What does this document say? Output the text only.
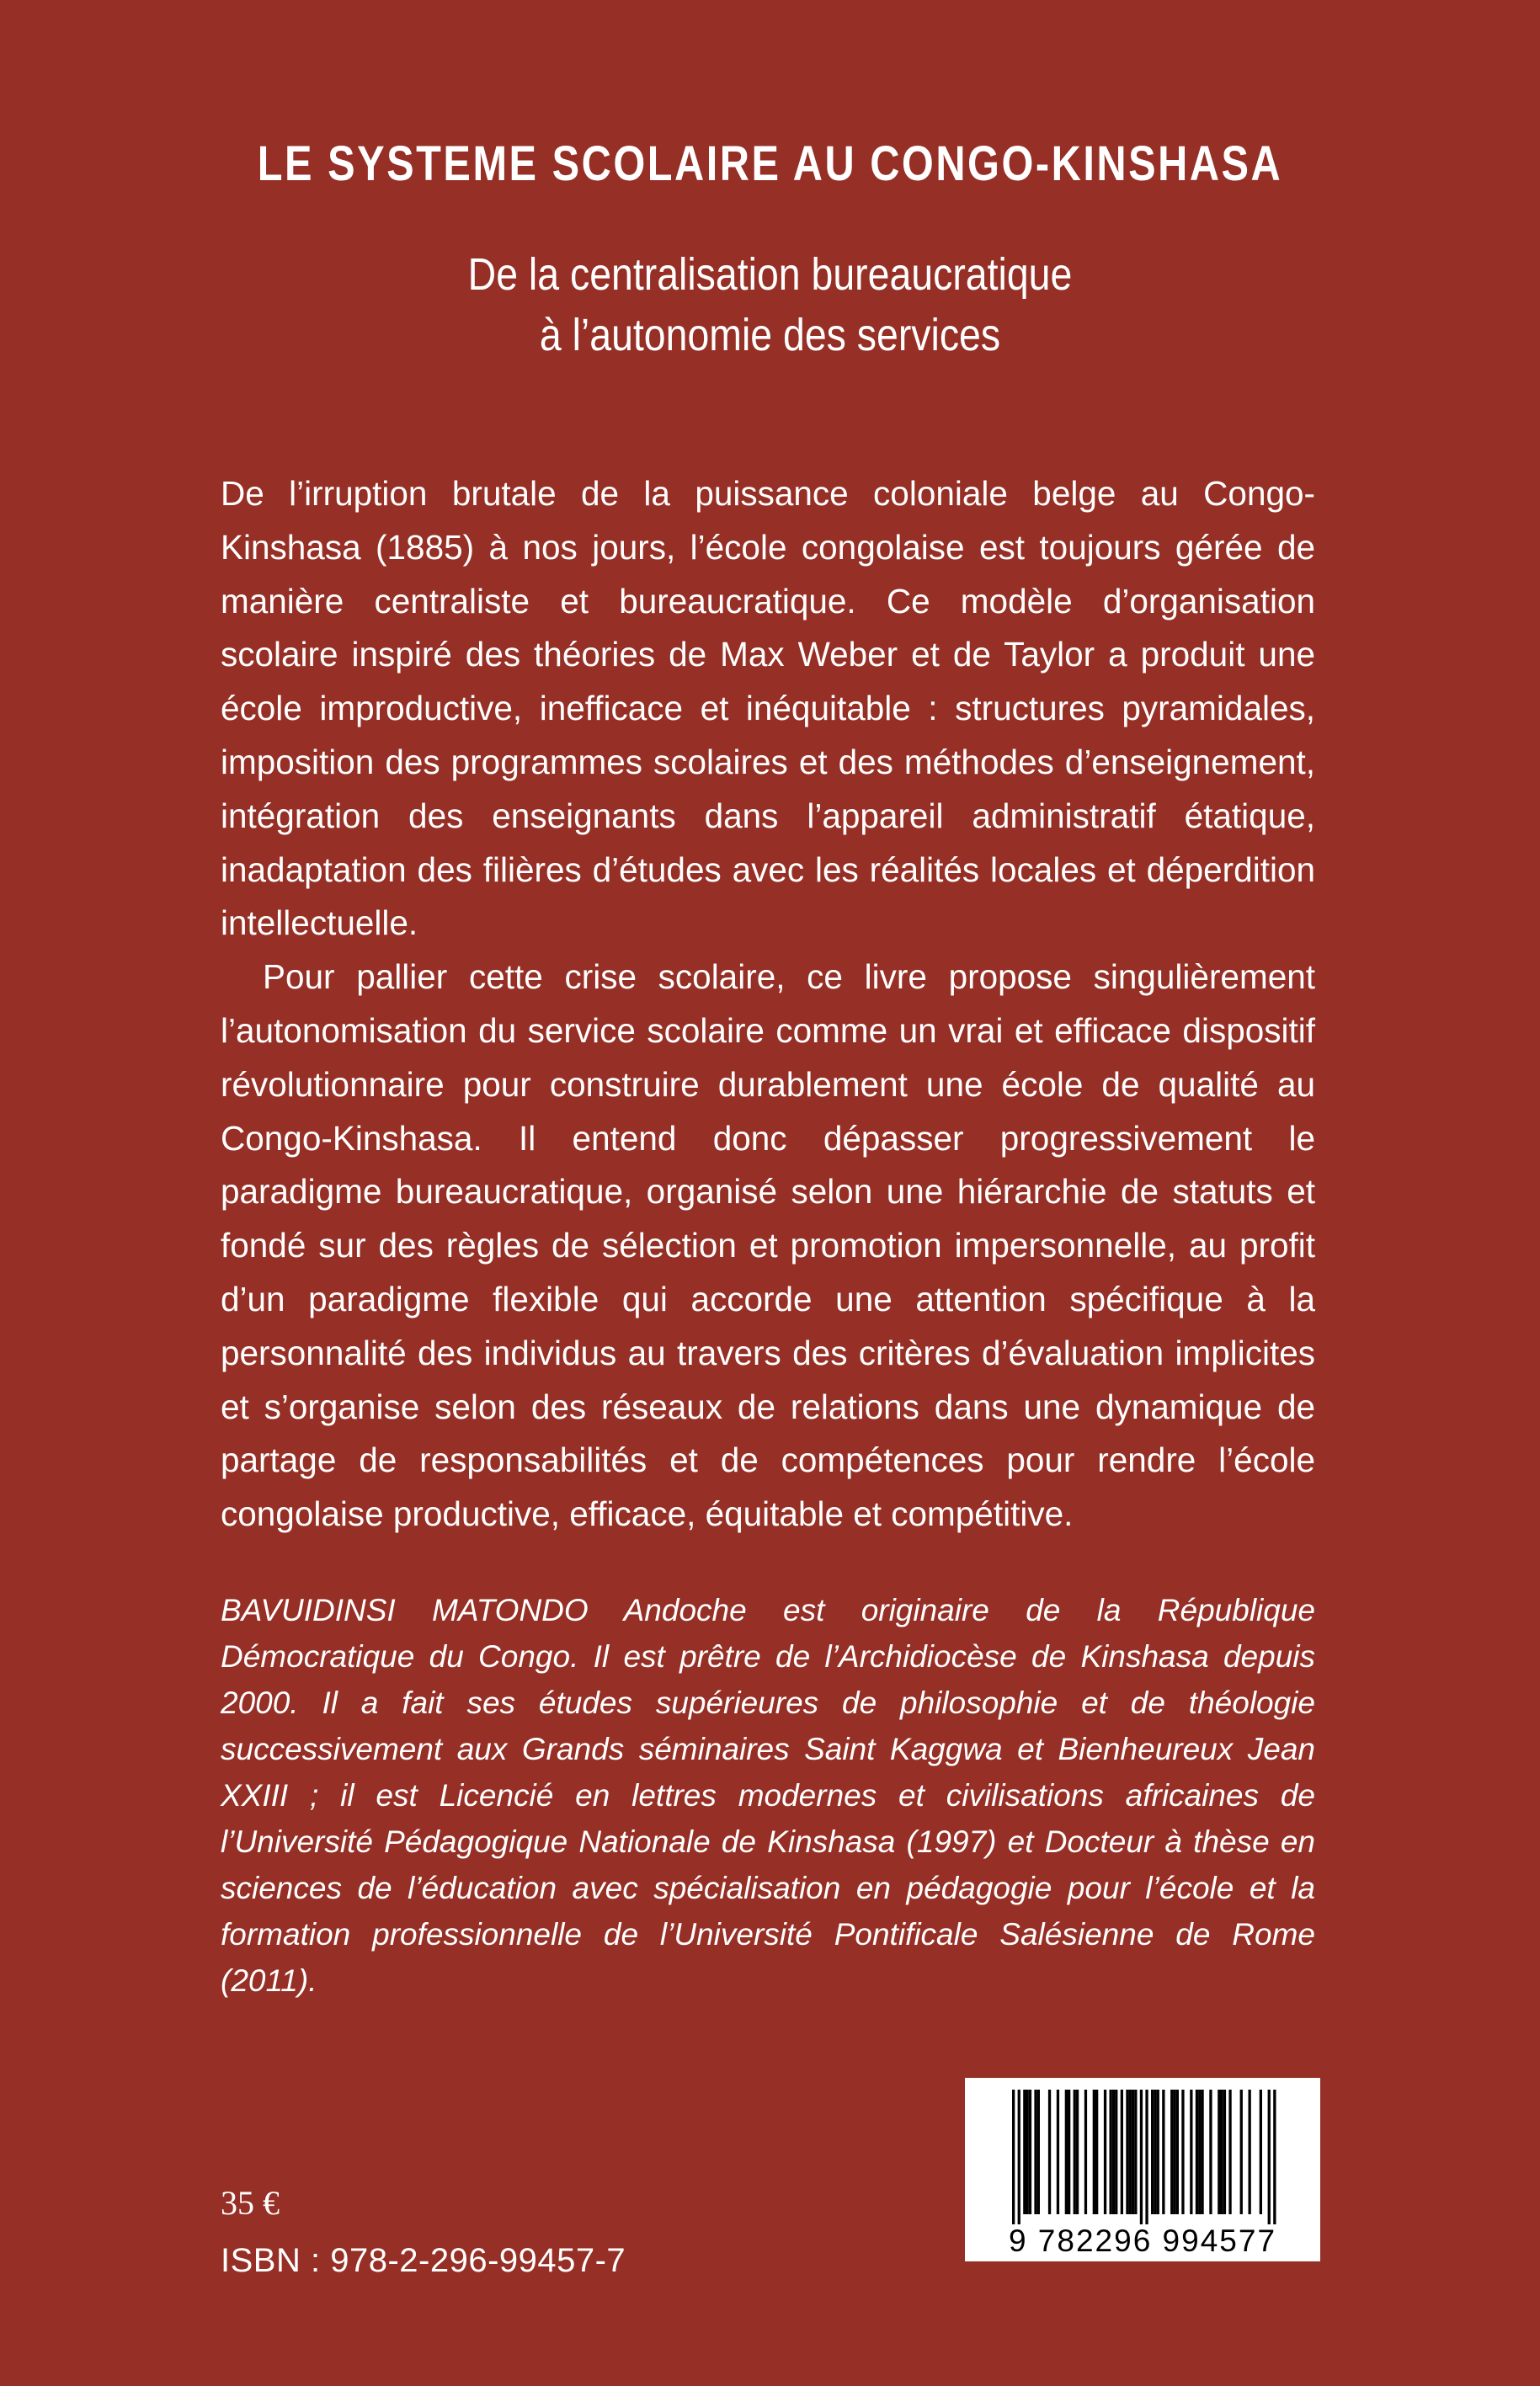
LE SYSTEME SCOLAIRE AU CONGO-KINSHASA
De la centralisation bureaucratique
à l’autonomie des services

De l’irruption brutale de la puissance coloniale belge au Congo-Kinshasa (1885) à nos jours, l’école congolaise est toujours gérée de manière centraliste et bureaucratique. Ce modèle d’organisation scolaire inspiré des théories de Max Weber et de Taylor a produit une école improductive, inefficace et inéquitable : structures pyramidales, imposition des programmes scolaires et des méthodes d’enseignement, intégration des enseignants dans l’appareil administratif étatique, inadaptation des filières d’études avec les réalités locales et déperdition intellectuelle.

Pour pallier cette crise scolaire, ce livre propose singulièrement l’autonomisation du service scolaire comme un vrai et efficace dispositif révolutionnaire pour construire durablement une école de qualité au Congo-Kinshasa. Il entend donc dépasser progressivement le paradigme bureaucratique, organisé selon une hiérarchie de statuts et fondé sur des règles de sélection et promotion impersonnelle, au profit d’un paradigme flexible qui accorde une attention spécifique à la personnalité des individus au travers des critères d’évaluation implicites et s’organise selon des réseaux de relations dans une dynamique de partage de responsabilités et de compétences pour rendre l’école congolaise productive, efficace, équitable et compétitive.

BAVUIDINSI MATONDO Andoche est originaire de la République Démocratique du Congo. Il est prêtre de l’Archidiocèse de Kinshasa depuis 2000. Il a fait ses études supérieures de philosophie et de théologie successivement aux Grands séminaires Saint Kaggwa et Bienheureux Jean XXIII ; il est Licencié en lettres modernes et civilisations africaines de l’Université Pédagogique Nationale de Kinshasa (1997) et Docteur à thèse en sciences de l’éducation avec spécialisation en pédagogie pour l’école et la formation professionnelle de l’Université Pontificale Salésienne de Rome (2011).

35 €
ISBN : 978-2-296-99457-7
9 782296 994577
